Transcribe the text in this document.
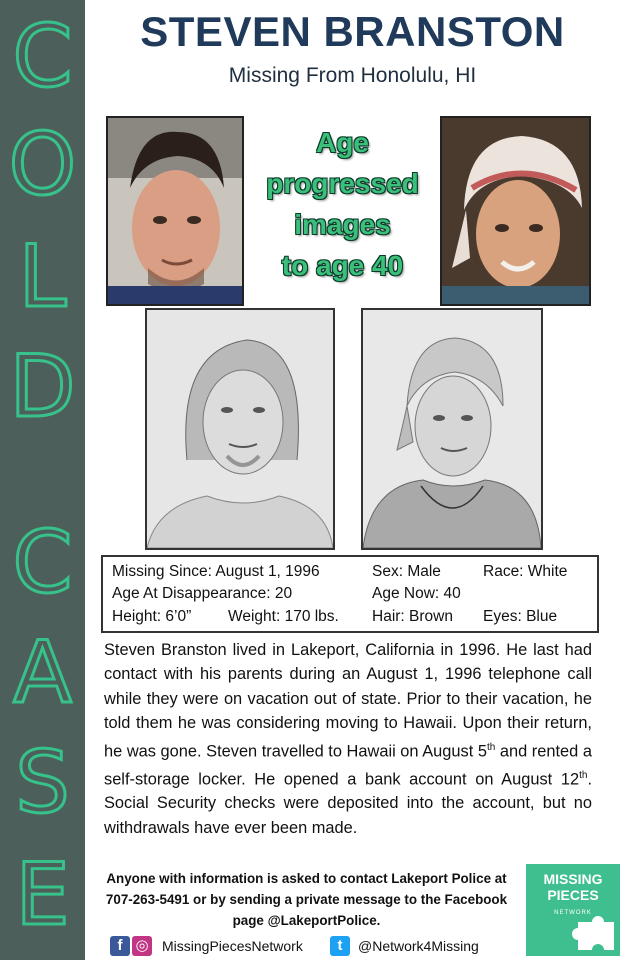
C
O
L
D
C
A
S
E
STEVEN BRANSTON
Missing From Honolulu, HI
Age
progressed
images
to age 40
Missing Since: August 1, 1996	Sex: Male	Race: White
Age At Disappearance: 20	Age Now: 40
Height: 6’0” Weight: 170 lbs. Hair: Brown Eyes: Blue
Steven Branston lived in Lakeport, California in 1996. He last had contact with his parents during an August 1, 1996 telephone call while they were on vacation out of state. Prior to their vacation, he told them he was considering moving to Hawaii. Upon their return, he was gone. Steven travelled to Hawaii on August 5th and rented a self-storage locker. He opened a bank account on August 12th. Social Security checks were deposited into the account, but no withdrawals have ever been made.
Anyone with information is asked to contact Lakeport Police at 707-263-5491 or by sending a private message to the Facebook page @LakeportPolice.
f ◎ MissingPiecesNetwork	t	@Network4Missing
MISSING
PIECES
NETWORK
